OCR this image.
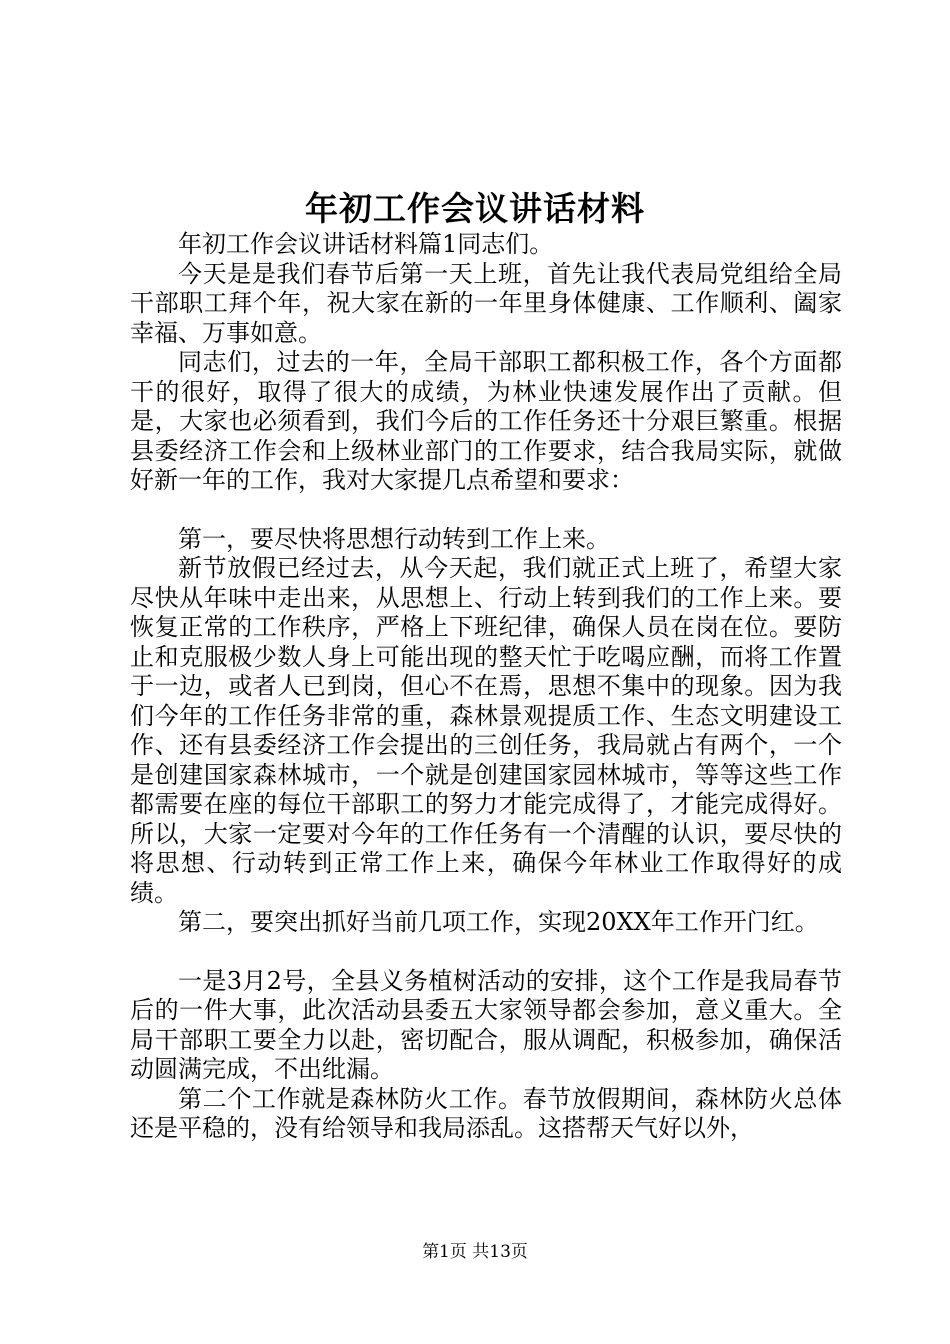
年初工作会议讲话材料

年初工作会议讲话材料篇1同志们。

今天是是我们春节后第一天上班，首先让我代表局党组给全局干部职工拜个年，祝大家在新的一年里身体健康、工作顺利、阖家幸福、万事如意。

同志们，过去的一年，全局干部职工都积极工作，各个方面都干的很好，取得了很大的成绩，为林业快速发展作出了贡献。但是，大家也必须看到，我们今后的工作任务还十分艰巨繁重。根据县委经济工作会和上级林业部门的工作要求，结合我局实际，就做好新一年的工作，我对大家提几点希望和要求：

第一，要尽快将思想行动转到工作上来。

新节放假已经过去，从今天起，我们就正式上班了，希望大家尽快从年味中走出来，从思想上、行动上转到我们的工作上来。要恢复正常的工作秩序，严格上下班纪律，确保人员在岗在位。要防止和克服极少数人身上可能出现的整天忙于吃喝应酬，而将工作置于一边，或者人已到岗，但心不在焉，思想不集中的现象。因为我们今年的工作任务非常的重，森林景观提质工作、生态文明建设工作、还有县委经济工作会提出的三创任务，我局就占有两个，一个是创建国家森林城市，一个就是创建国家园林城市，等等这些工作都需要在座的每位干部职工的努力才能完成得了，才能完成得好。所以，大家一定要对今年的工作任务有一个清醒的认识，要尽快的将思想、行动转到正常工作上来，确保今年林业工作取得好的成绩。

第二，要突出抓好当前几项工作，实现20XX年工作开门红。

一是3月2号，全县义务植树活动的安排，这个工作是我局春节后的一件大事，此次活动县委五大家领导都会参加，意义重大。全局干部职工要全力以赴，密切配合，服从调配，积极参加，确保活动圆满完成，不出纰漏。

第二个工作就是森林防火工作。春节放假期间，森林防火总体还是平稳的，没有给领导和我局添乱。这搭帮天气好以外，

第1页 共13页
